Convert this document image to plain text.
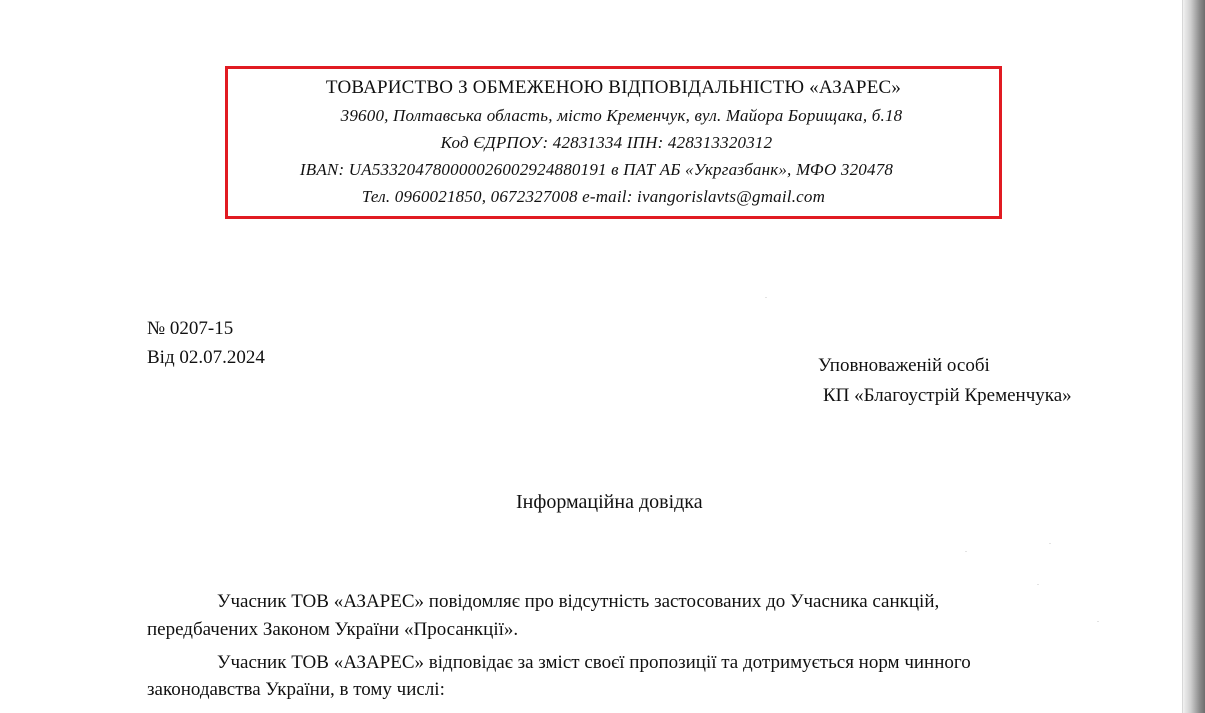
ТОВАРИСТВО З ОБМЕЖЕНОЮ ВІДПОВІДАЛЬНІСТЮ «АЗАРЕС»
39600, Полтавська область, місто Кременчук, вул. Майора Борищака, б.18
Код ЄДРПОУ: 42831334 ІПН: 428313320312
IBAN: UA533204780000026002924880191 в ПАТ АБ «Укргазбанк», МФО 320478
Тел. 0960021850, 0672327008 e-mail: ivangorislavts@gmail.com
№ 0207-15
Від 02.07.2024	Уповноваженій особі
КП «Благоустрій Кременчука»
Інформаційна довідка
Учасник ТОВ «АЗАРЕС» повідомляє про відсутність застосованих до Учасника санкцій,
передбачених Законом України «Просанкції».
Учасник ТОВ «АЗАРЕС» відповідає за зміст своєї пропозиції та дотримується норм чинного
законодавства України, в тому числі:
